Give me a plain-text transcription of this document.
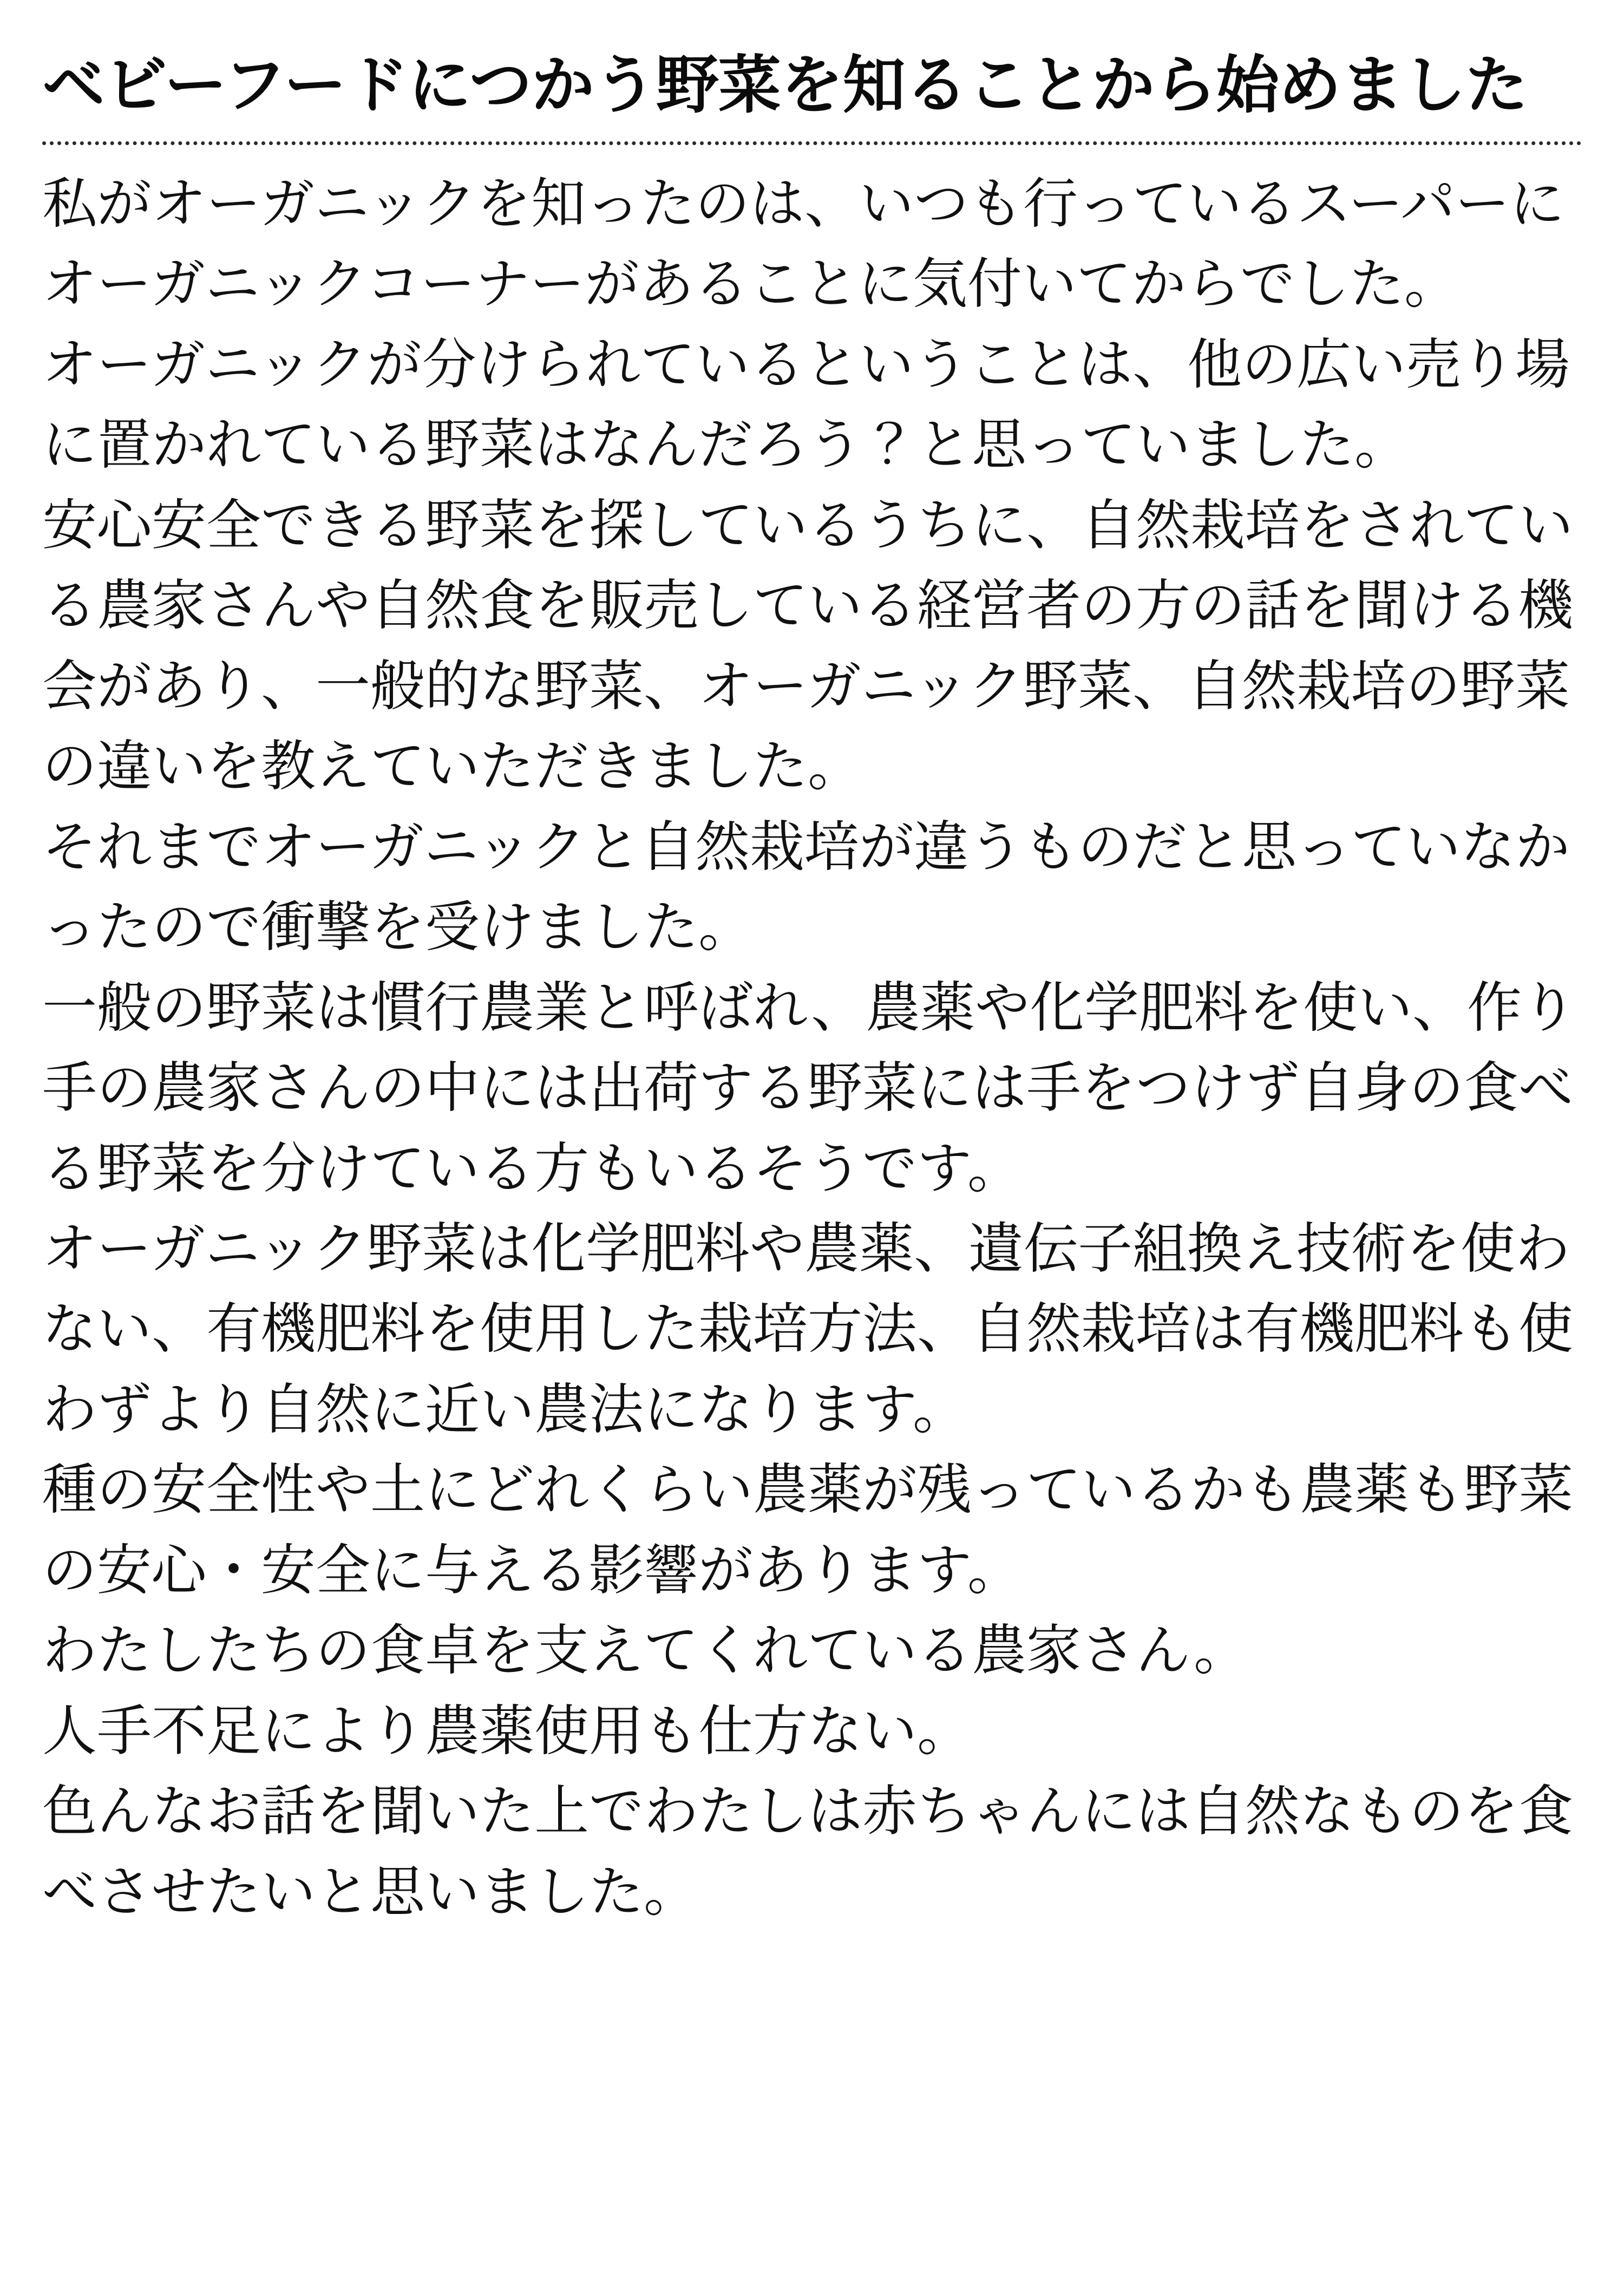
ベビーフードにつかう野菜を知ることから始めました

私がオーガニックを知ったのは、いつも行っているスーパーにオーガニックコーナーがあることに気付いてからでした。

オーガニックが分けられているということは、他の広い売り場に置かれている野菜はなんだろう？と思っていました。

安心安全できる野菜を探しているうちに、自然栽培をされている農家さんや自然食を販売している経営者の方の話を聞ける機会があり、一般的な野菜、オーガニック野菜、自然栽培の野菜の違いを教えていただきました。

それまでオーガニックと自然栽培が違うものだと思っていなかったので衝撃を受けました。

一般の野菜は慣行農業と呼ばれ、農薬や化学肥料を使い、作り手の農家さんの中には出荷する野菜には手をつけず自身の食べる野菜を分けている方もいるそうです。

オーガニック野菜は化学肥料や農薬、遺伝子組換え技術を使わない、有機肥料を使用した栽培方法、自然栽培は有機肥料も使わずより自然に近い農法になります。

種の安全性や土にどれくらい農薬が残っているかも農薬も野菜の安心・安全に与える影響があります。

わたしたちの食卓を支えてくれている農家さん。

人手不足により農薬使用も仕方ない。

色んなお話を聞いた上でわたしは赤ちゃんには自然なものを食べさせたいと思いました。
